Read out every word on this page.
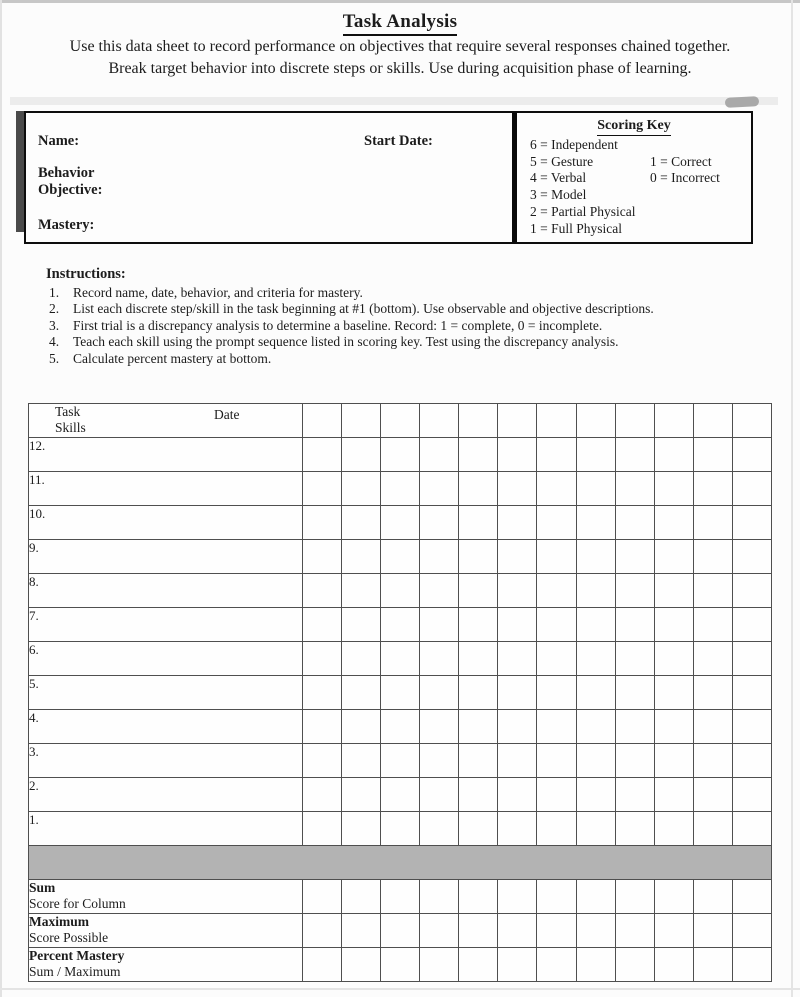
Task Analysis
Use this data sheet to record performance on objectives that require several responses chained together.
Break target behavior into discrete steps or skills. Use during acquisition phase of learning.
Name:	Start Date:
Behavior
Objective:
Mastery:
Scoring Key
6 = Independent
5 = Gesture	1 = Correct
4 = Verbal	0 = Incorrect
3 = Model
2 = Partial Physical
1 = Full Physical
Instructions:
1.	Record name, date, behavior, and criteria for mastery.
2.	List each discrete step/skill in the task beginning at #1 (bottom). Use observable and objective descriptions.
3.	First trial is a discrepancy analysis to determine a baseline. Record: 1 = complete, 0 = incomplete.
4.	Teach each skill using the prompt sequence listed in scoring key. Test using the discrepancy analysis.
5.	Calculate percent mastery at bottom.
Task
Skills
Date												

12.												
11.												
10.												
9.												
8.												
7.												
6.												
5.												
4.												
3.												
2.												
1.												

Sum
Score for Column												

Maximum
Score Possible												

Percent Mastery
Sum / Maximum												
